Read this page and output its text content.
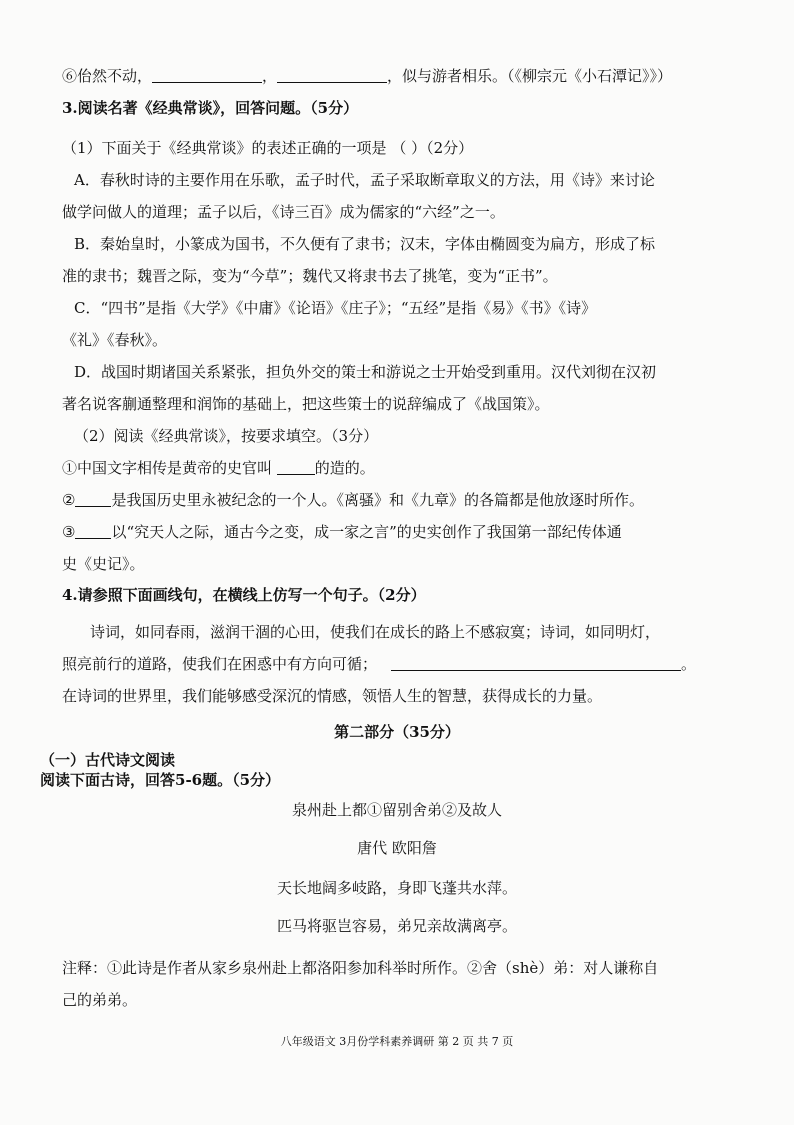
⑥佁然不动，	，	，似与游者相乐。（《柳宗元《小石潭记》》）
3.阅读名著《经典常谈》，回答问题。（5分）
（1）下面关于《经典常谈》的表述正确的一项是 （ ）（2分）
A．春秋时诗的主要作用在乐歌，孟子时代，孟子采取断章取义的方法，用《诗》来讨论
做学问做人的道理；孟子以后，《诗三百》成为儒家的“六经”之一。
B．秦始皇时，小篆成为国书，不久便有了隶书；汉末，字体由椭圆变为扁方，形成了标
准的隶书；魏晋之际，变为“今草”；魏代又将隶书去了挑笔，变为“正书”。
C．“四书”是指《大学》《中庸》《论语》《庄子》；“五经”是指《易》《书》《诗》
《礼》《春秋》。
D．战国时期诸国关系紧张，担负外交的策士和游说之士开始受到重用。汉代刘彻在汉初
著名说客蒯通整理和润饰的基础上，把这些策士的说辞编成了《战国策》。
（2）阅读《经典常谈》，按要求填空。（3分）
①中国文字相传是黄帝的史官叫	的造的。
② 是我国历史里永被纪念的一个人。《离骚》和《九章》的各篇都是他放逐时所作。
③ 以“究天人之际，通古今之变，成一家之言”的史实创作了我国第一部纪传体通
史《史记》。
4.请参照下面画线句，在横线上仿写一个句子。（2分）
诗词，如同春雨，滋润干涸的心田，使我们在成长的路上不感寂寞；诗词，如同明灯，
照亮前行的道路，使我们在困惑中有方向可循；	。
在诗词的世界里，我们能够感受深沉的情感，领悟人生的智慧，获得成长的力量。
第二部分（35分）
（一）古代诗文阅读
阅读下面古诗，回答5-6题。（5分）
泉州赴上都①留别舍弟②及故人
唐代 欧阳詹
天长地阔多岐路，身即飞蓬共水萍。
匹马将驱岂容易，弟兄亲故满离亭。
注释：①此诗是作者从家乡泉州赴上都洛阳参加科举时所作。②舍（shè）弟：对人谦称自
己的弟弟。
八年级语文 3月份学科素养调研 第 2 页 共 7 页
